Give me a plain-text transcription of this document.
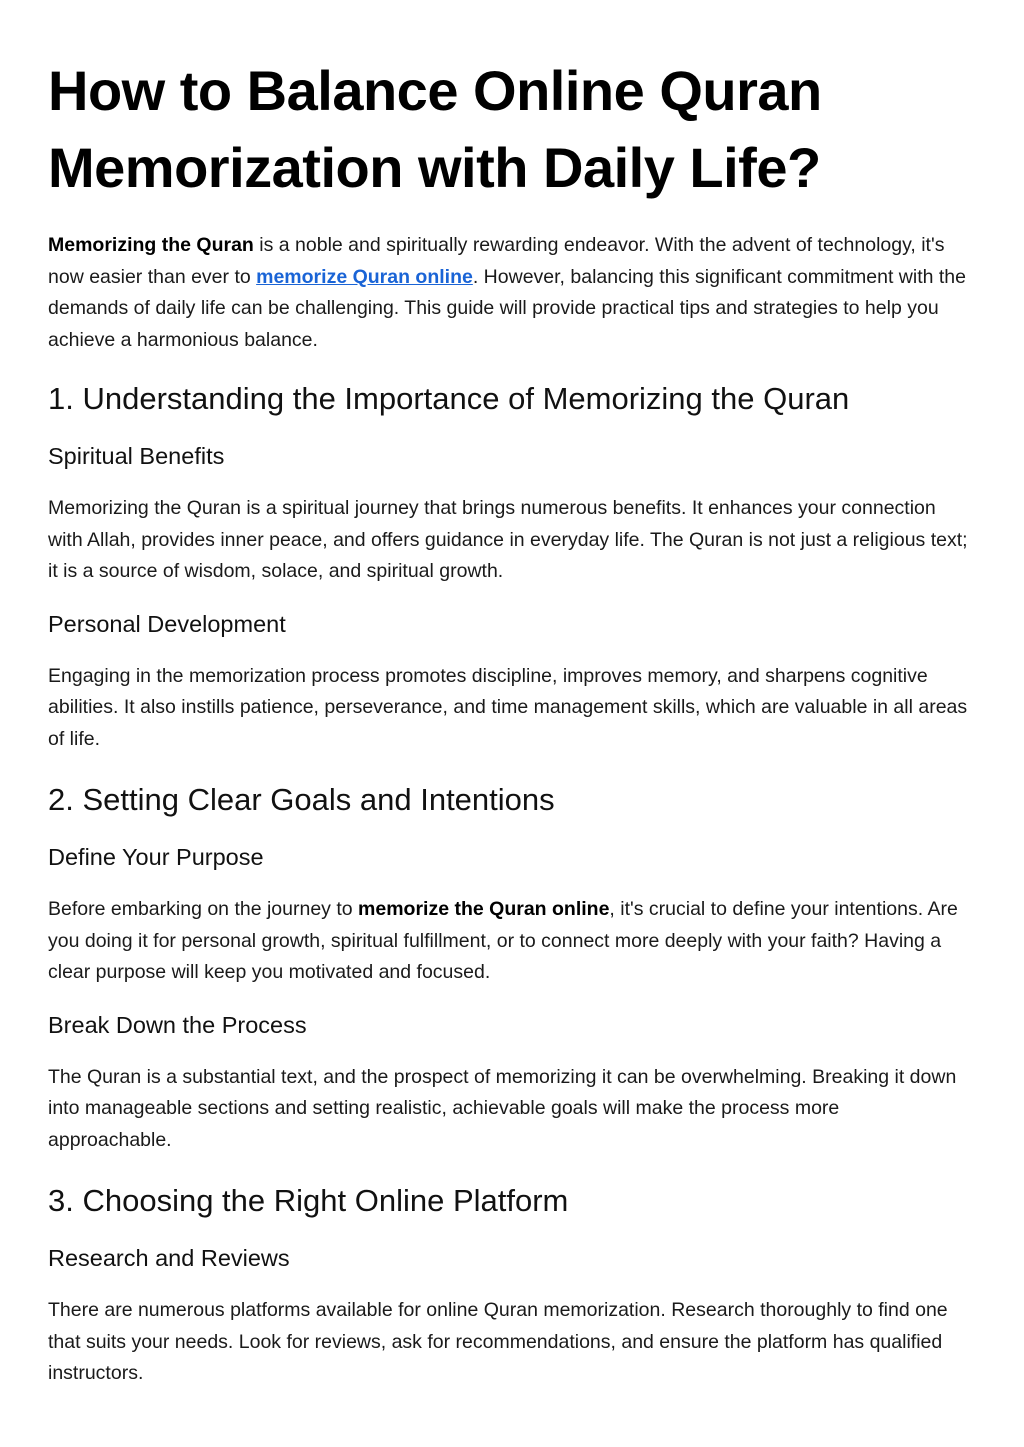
How to Balance Online Quran
Memorization with Daily Life?

Memorizing the Quran is a noble and spiritually rewarding endeavor. With the advent of technology, it's now easier than ever to memorize Quran online. However, balancing this significant commitment with the demands of daily life can be challenging. This guide will provide practical tips and strategies to help you achieve a harmonious balance.

1. Understanding the Importance of Memorizing the Quran
Spiritual Benefits

Memorizing the Quran is a spiritual journey that brings numerous benefits. It enhances your connection with Allah, provides inner peace, and offers guidance in everyday life. The Quran is not just a religious text; it is a source of wisdom, solace, and spiritual growth.

Personal Development

Engaging in the memorization process promotes discipline, improves memory, and sharpens cognitive abilities. It also instills patience, perseverance, and time management skills, which are valuable in all areas of life.

2. Setting Clear Goals and Intentions
Define Your Purpose

Before embarking on the journey to memorize the Quran online, it's crucial to define your intentions. Are you doing it for personal growth, spiritual fulfillment, or to connect more deeply with your faith? Having a clear purpose will keep you motivated and focused.

Break Down the Process

The Quran is a substantial text, and the prospect of memorizing it can be overwhelming. Breaking it down into manageable sections and setting realistic, achievable goals will make the process more approachable.

3. Choosing the Right Online Platform
Research and Reviews

There are numerous platforms available for online Quran memorization. Research thoroughly to find one that suits your needs. Look for reviews, ask for recommendations, and ensure the platform has qualified instructors.
